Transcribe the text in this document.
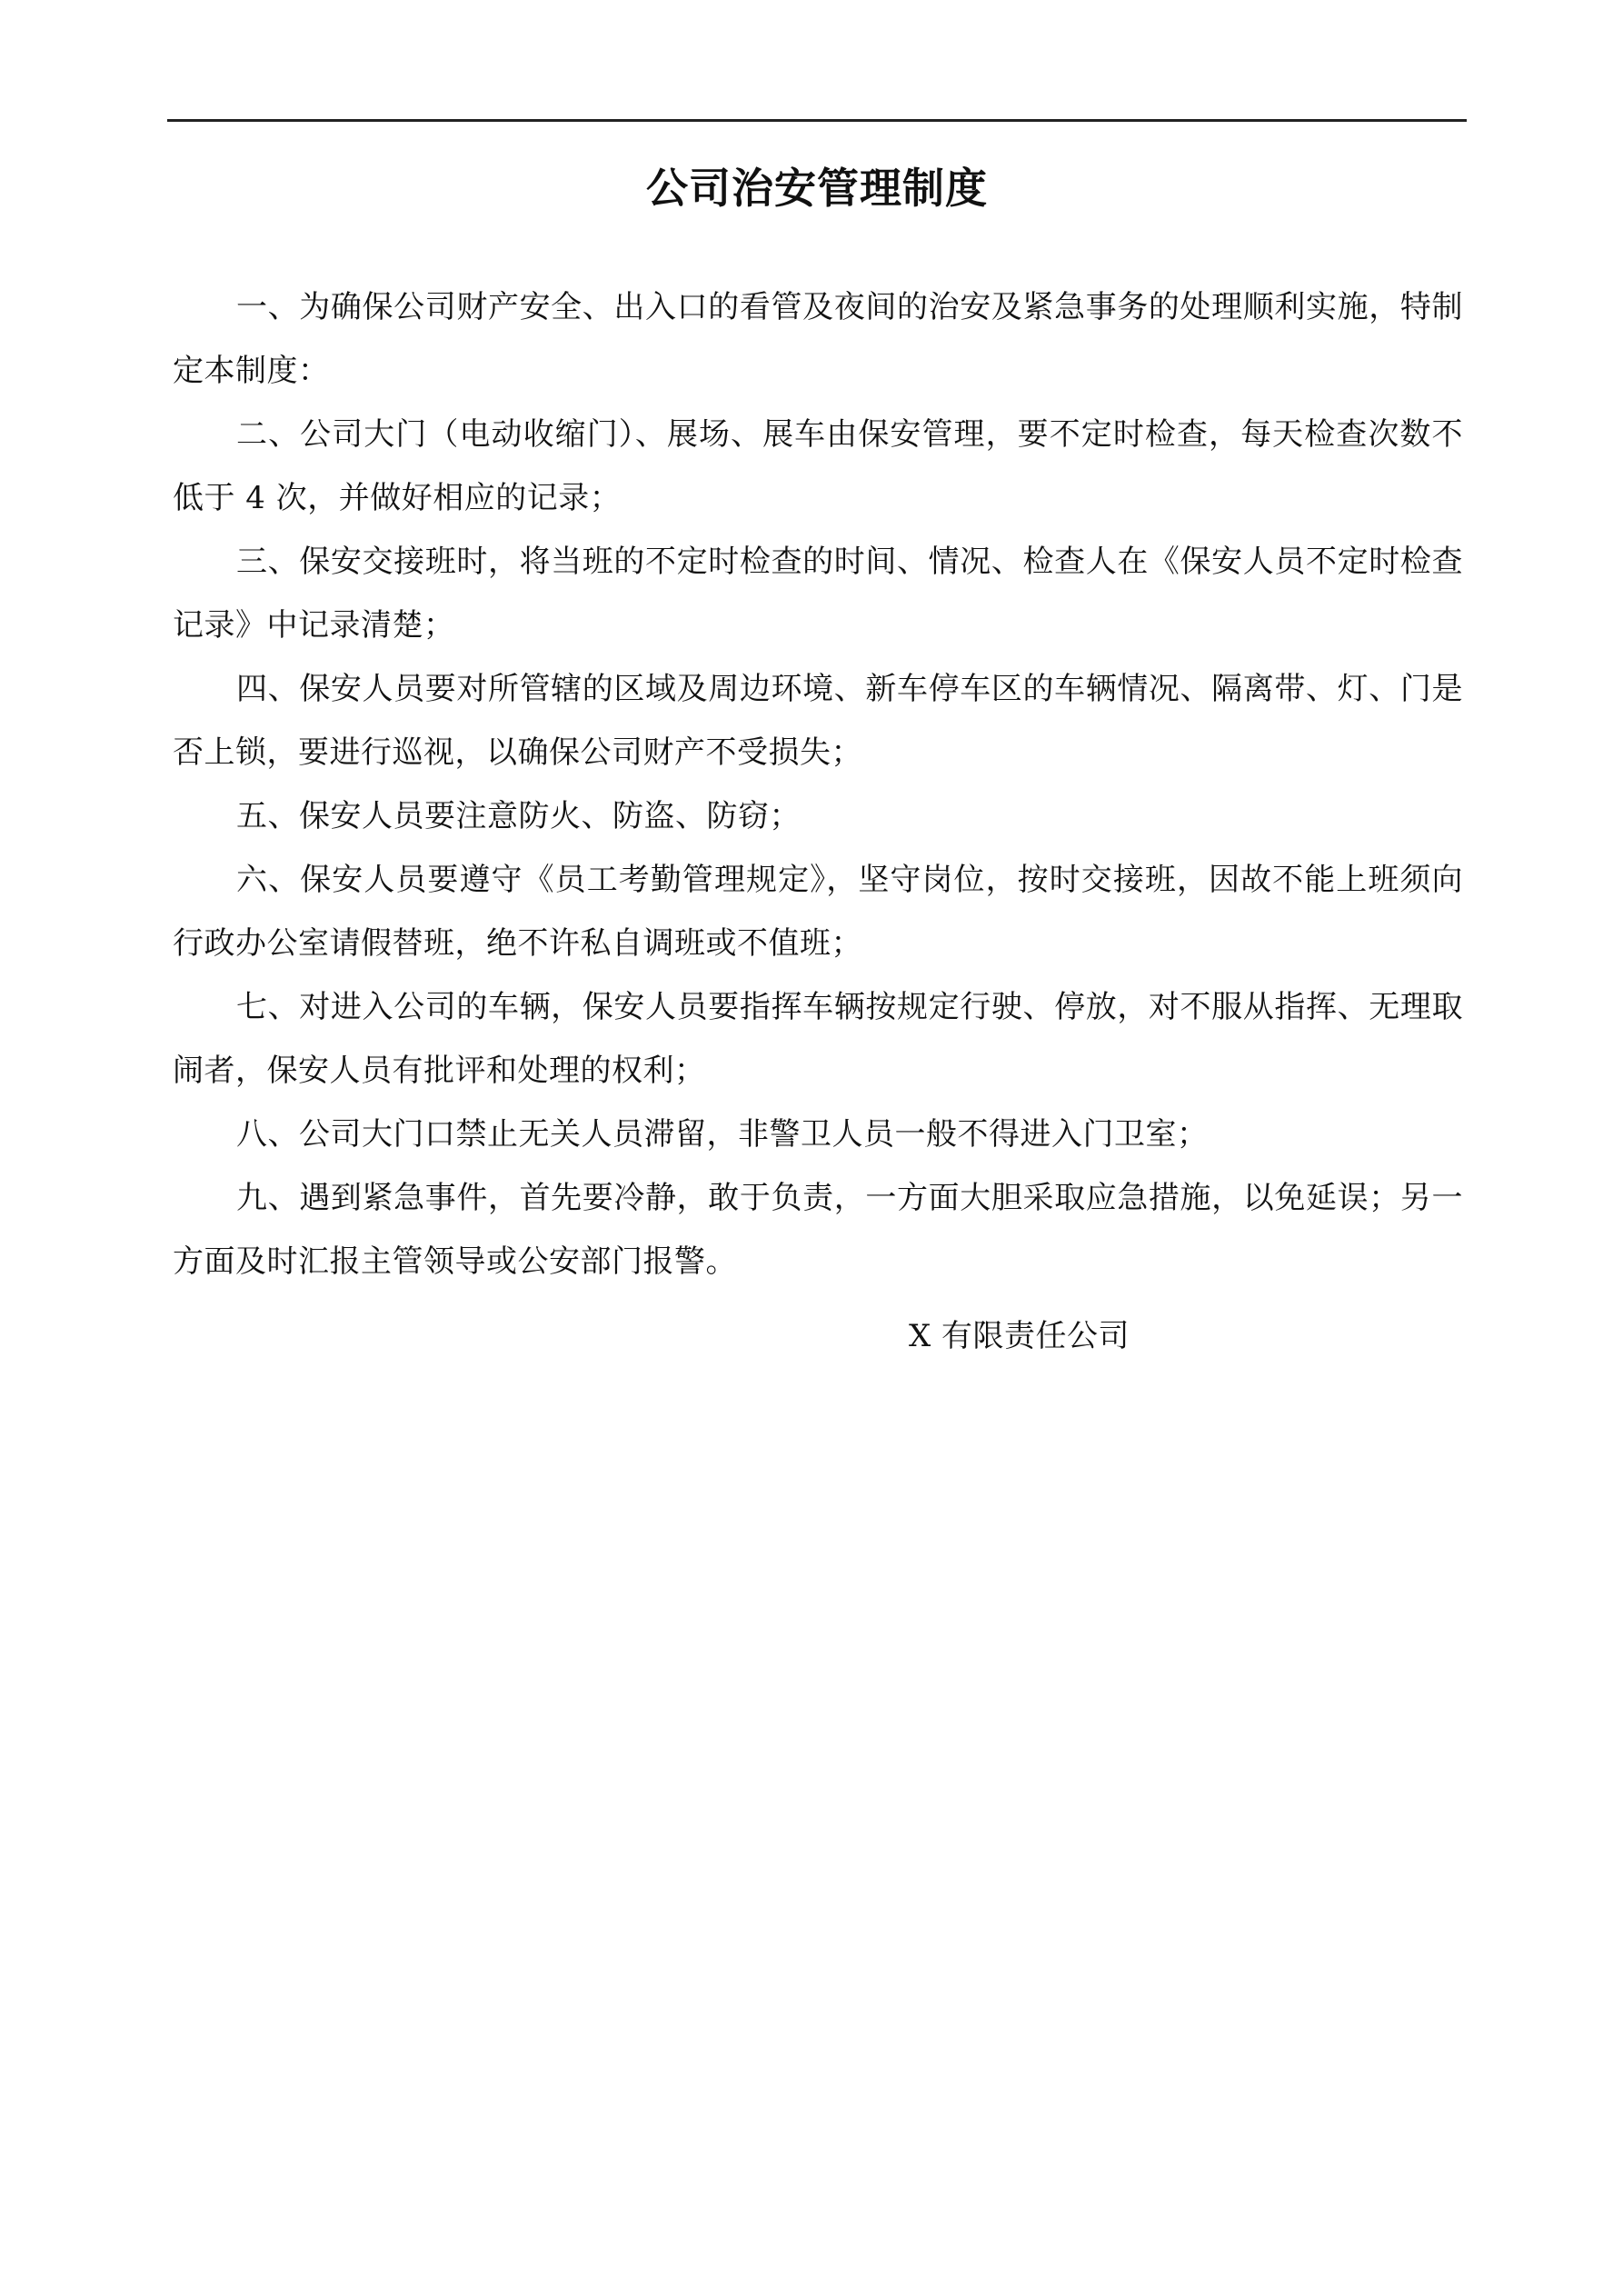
公司治安管理制度

一、为确保公司财产安全、出入口的看管及夜间的治安及紧急事务的处理顺利实施，特制定本制度：

二、公司大门（电动收缩门）、展场、展车由保安管理，要不定时检查，每天检查次数不低于 4 次，并做好相应的记录；

三、保安交接班时，将当班的不定时检查的时间、情况、检查人在《保安人员不定时检查记录》中记录清楚；

四、保安人员要对所管辖的区域及周边环境、新车停车区的车辆情况、隔离带、灯、门是否上锁，要进行巡视，以确保公司财产不受损失；

五、保安人员要注意防火、防盗、防窃；

六、保安人员要遵守《员工考勤管理规定》，坚守岗位，按时交接班，因故不能上班须向行政办公室请假替班，绝不许私自调班或不值班；

七、对进入公司的车辆，保安人员要指挥车辆按规定行驶、停放，对不服从指挥、无理取闹者，保安人员有批评和处理的权利；

八、公司大门口禁止无关人员滞留，非警卫人员一般不得进入门卫室；

九、遇到紧急事件，首先要冷静，敢于负责，一方面大胆采取应急措施，以免延误；另一方面及时汇报主管领导或公安部门报警。

X 有限责任公司
